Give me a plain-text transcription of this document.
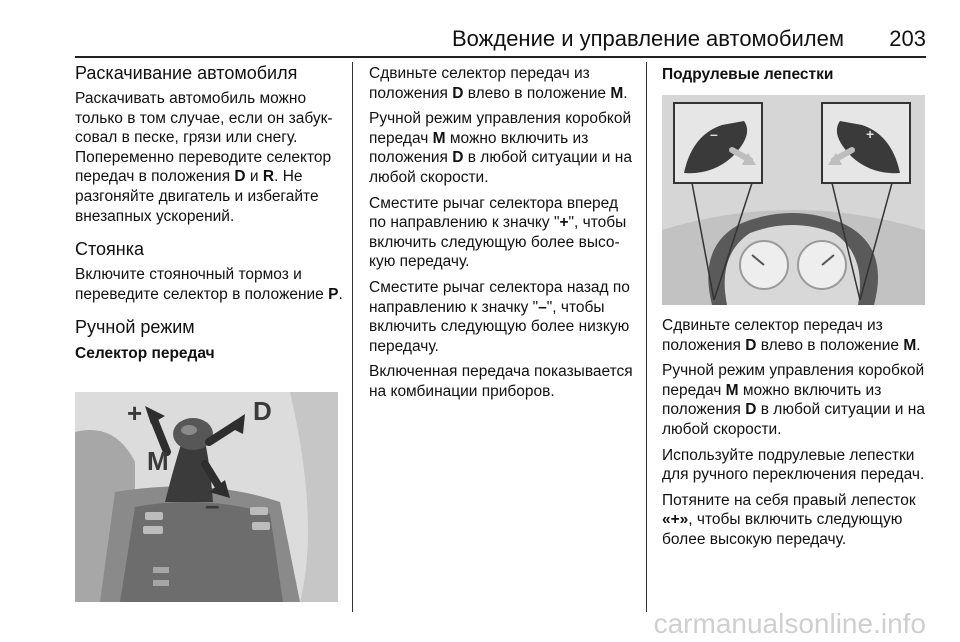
Вождение и управление автомобилем 203
Раскачивание автомобиля

Раскачивать автомобиль можно только в том случае, если он забуксовал в песке, грязи или снегу. Попеременно переводите селектор передач в положения D и R. Не разгоняйте двигатель и избегайте внезапных ускорений.

Стоянка

Включите стояночный тормоз и переведите селектор в положение P.

Ручной режим
Селектор передач
+	D
M
–

Сдвиньте селектор передач из положения D влево в положение M.

Ручной режим управления коробкой передач M можно включить из положения D в любой ситуации и на любой скорости.

Сместите рычаг селектора вперед по направлению к значку "+", чтобы включить следующую более высокую передачу.

Сместите рычаг селектора назад по направлению к значку "–", чтобы включить следующую более низкую передачу.

Включенная передача показывается на комбинации приборов.

Подрулевые лепестки
–	+

Сдвиньте селектор передач из положения D влево в положение M.

Ручной режим управления коробкой передач M можно включить из положения D в любой ситуации и на любой скорости.

Используйте подрулевые лепестки для ручного переключения передач.

Потяните на себя правый лепесток «+», чтобы включить следующую более высокую передачу.

carmanualsonline.info
